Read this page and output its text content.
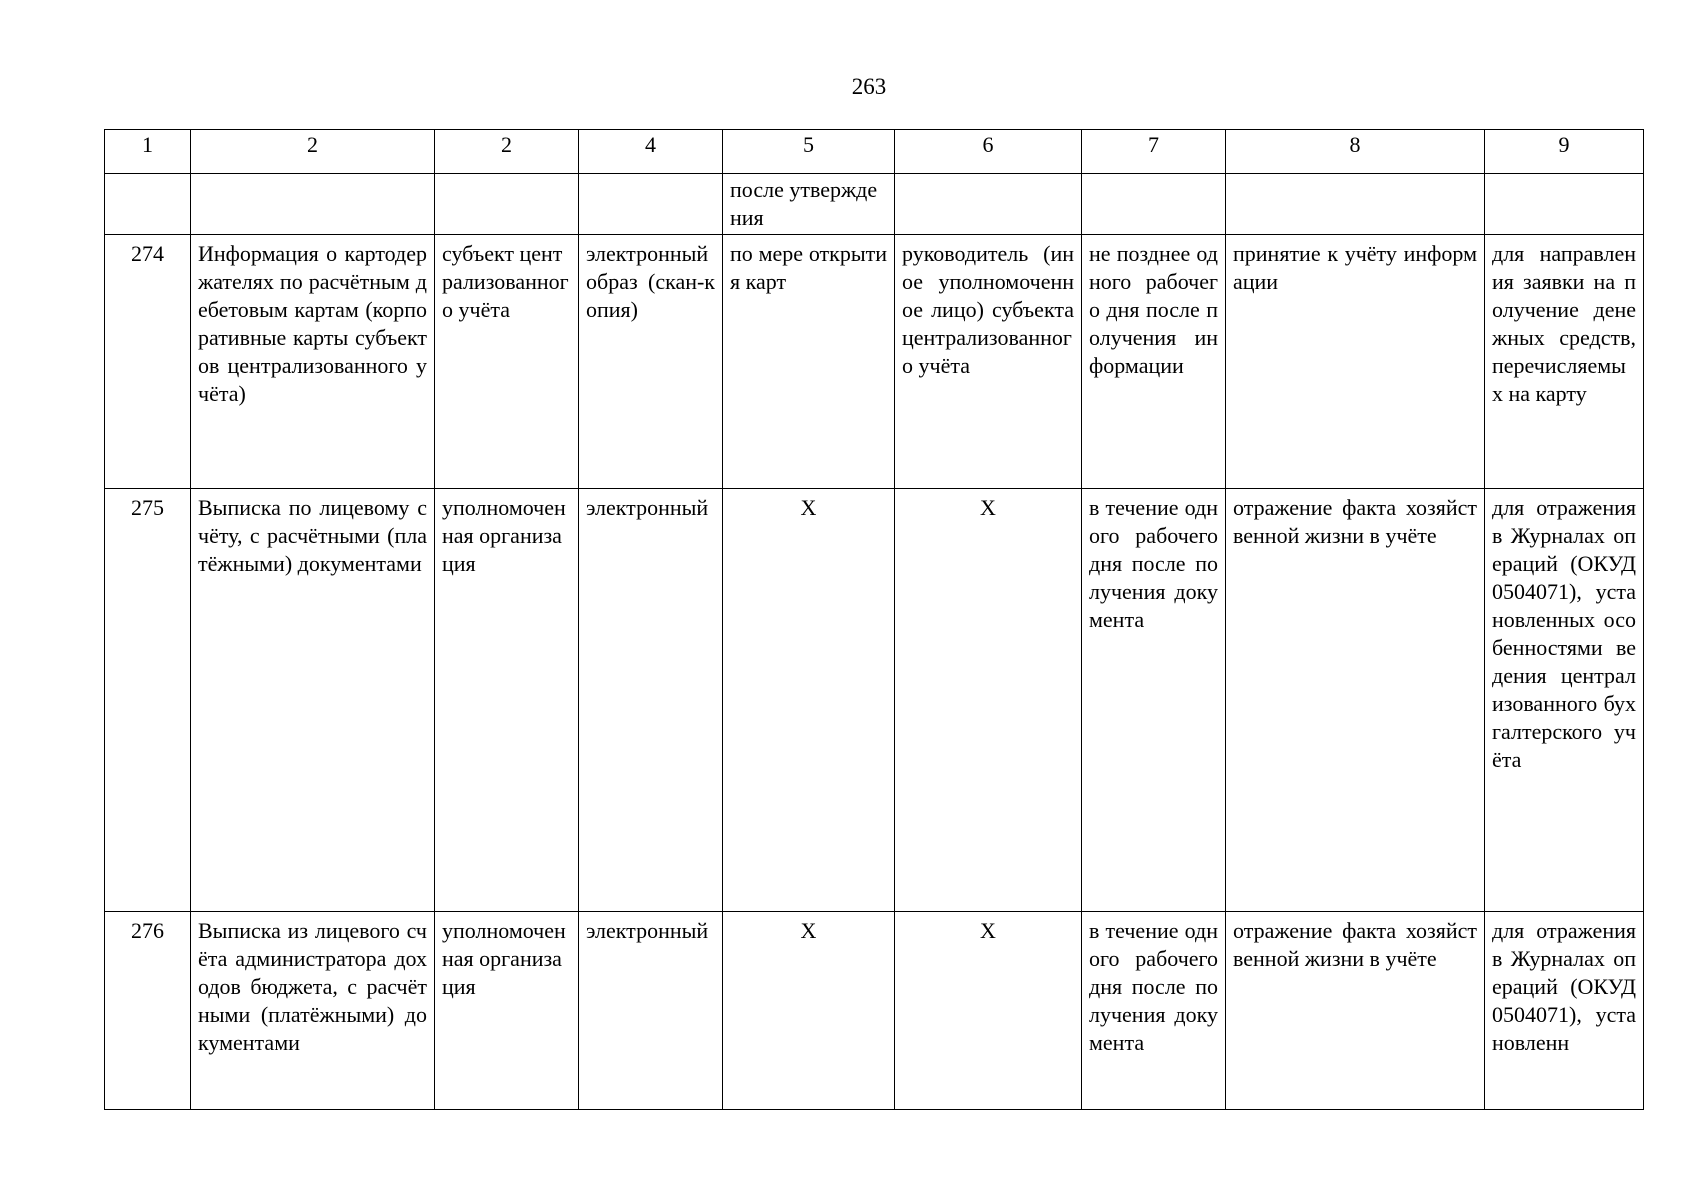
263
1	2	2	4	5	6	7	8	9
				после утверждения				
274	Информация о картодержателях по расчётным дебетовым картам (корпоративные карты субъектов централизованного учёта)	субъект централизованного учёта	электронный образ (скан-копия)	по мере открытия карт	руководитель (иное уполномоченное лицо) субъекта централизованного учёта	не позднее одного рабочего дня после получения информации	принятие к учёту информации	для направления заявки на получение денежных средств, перечисляемых на карту
275	Выписка по лицевому счёту, с расчётными (платёжными) документами	уполномоченная организация	электронный	Х	Х	в течение одного рабочего дня после получения документа	отражение факта хозяйственной жизни в учёте	для отражения в Журналах операций (ОКУД 0504071), установленных особенностями ведения централизованного бухгалтерского учёта
276	Выписка из лицевого счёта администратора доходов бюджета, с расчётными (платёжными) документами	уполномоченная организация	электронный	Х	Х	в течение одного рабочего дня после получения документа	отражение факта хозяйственной жизни в учёте	для отражения в Журналах операций (ОКУД 0504071), установленн
